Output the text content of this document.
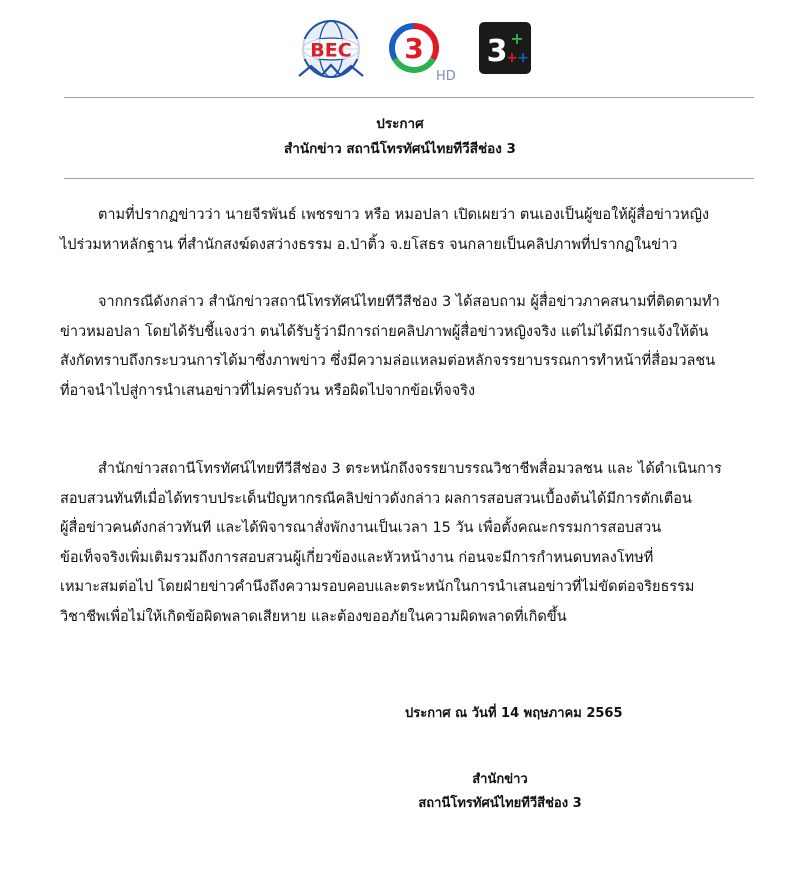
BEC 3
HD
3 +
+ +
ประกาศ
สำนักข่าว สถานีโทรทัศน์ไทยทีวีสีช่อง 3

ตามที่ปรากฏข่าวว่า นายจีรพันธ์ เพชรขาว หรือ หมอปลา เปิดเผยว่า ตนเองเป็นผู้ขอให้ผู้สื่อข่าวหญิง
ไปร่วมหาหลักฐาน ที่สำนักสงฆ์ดงสว่างธรรม อ.ป่าติ้ว จ.ยโสธร จนกลายเป็นคลิปภาพที่ปรากฏในข่าว

จากกรณีดังกล่าว สำนักข่าวสถานีโทรทัศน์ไทยทีวีสีช่อง 3 ได้สอบถาม ผู้สื่อข่าวภาคสนามที่ติดตามทำ
ข่าวหมอปลา โดยได้รับชี้แจงว่า ตนได้รับรู้ว่ามีการถ่ายคลิปภาพผู้สื่อข่าวหญิงจริง แต่ไม่ได้มีการแจ้งให้ต้น
สังกัดทราบถึงกระบวนการได้มาซึ่งภาพข่าว ซึ่งมีความล่อแหลมต่อหลักจรรยาบรรณการทำหน้าที่สื่อมวลชน
ที่อาจนำไปสู่การนำเสนอข่าวที่ไม่ครบถ้วน หรือผิดไปจากข้อเท็จจริง

สำนักข่าวสถานีโทรทัศน์ไทยทีวีสีช่อง 3 ตระหนักถึงจรรยาบรรณวิชาชีพสื่อมวลชน และ ได้ดำเนินการ
สอบสวนทันทีเมื่อได้ทราบประเด็นปัญหากรณีคลิปข่าวดังกล่าว ผลการสอบสวนเบื้องต้นได้มีการตักเตือน
ผู้สื่อข่าวคนดังกล่าวทันที และได้พิจารณาสั่งพักงานเป็นเวลา 15 วัน เพื่อตั้งคณะกรรมการสอบสวน
ข้อเท็จจริงเพิ่มเติมรวมถึงการสอบสวนผู้เกี่ยวข้องและหัวหน้างาน ก่อนจะมีการกำหนดบทลงโทษที่
เหมาะสมต่อไป โดยฝ่ายข่าวคำนึงถึงความรอบคอบและตระหนักในการนำเสนอข่าวที่ไม่ขัดต่อจริยธรรม
วิชาชีพเพื่อไม่ให้เกิดข้อผิดพลาดเสียหาย และต้องขออภัยในความผิดพลาดที่เกิดขึ้น

ประกาศ ณ วันที่ 14 พฤษภาคม 2565
สำนักข่าว
สถานีโทรทัศน์ไทยทีวีสีช่อง 3
